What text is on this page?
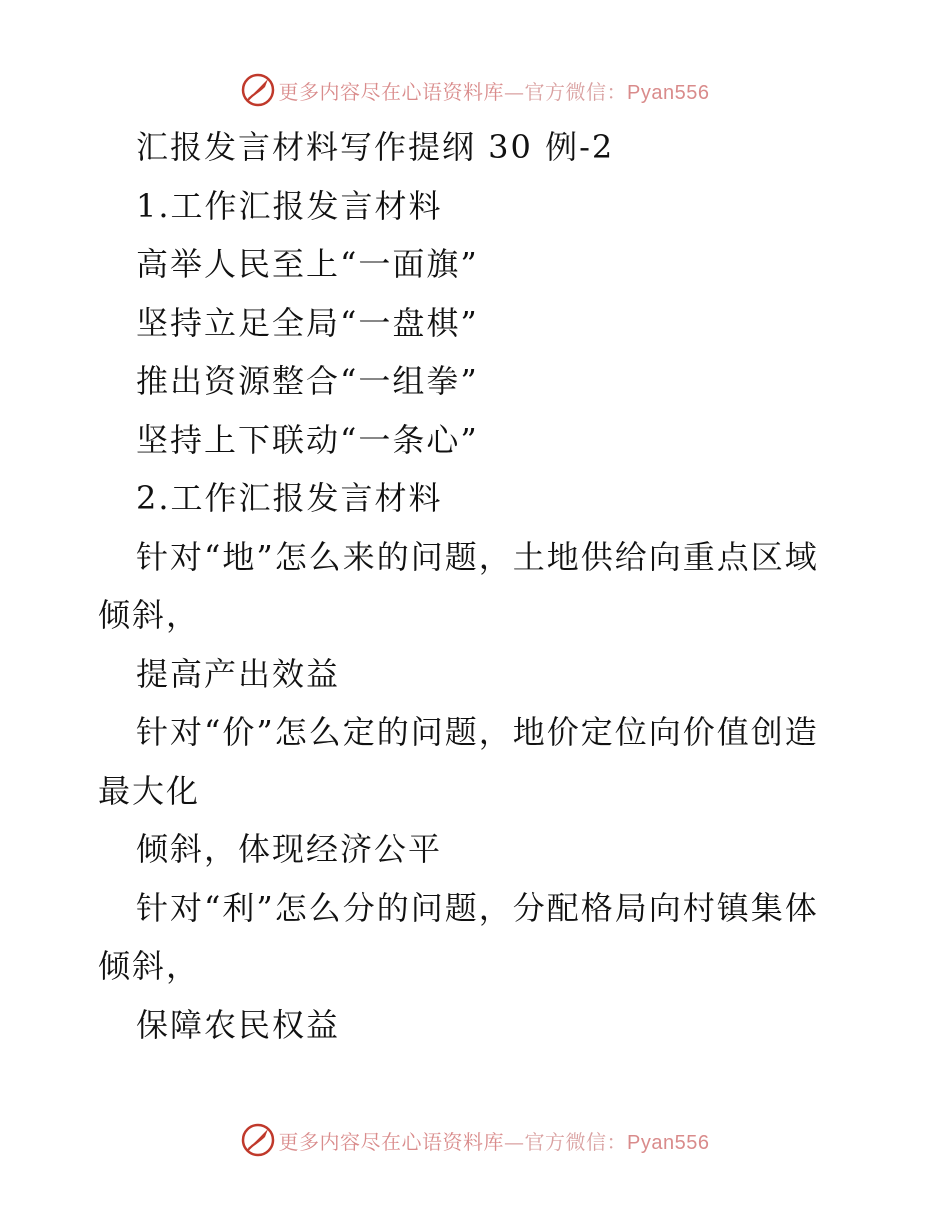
更多内容尽在心语资料库—官方微信：Pyan556
汇报发言材料写作提纲 30 例-2
1.工作汇报发言材料
高举人民至上“一面旗”
坚持立足全局“一盘棋”
推出资源整合“一组拳”
坚持上下联动“一条心”
2.工作汇报发言材料
针对“地”怎么来的问题，土地供给向重点区域
倾斜，
提高产出效益
针对“价”怎么定的问题，地价定位向价值创造
最大化
倾斜，体现经济公平
针对“利”怎么分的问题，分配格局向村镇集体
倾斜，
保障农民权益
更多内容尽在心语资料库—官方微信：Pyan556
